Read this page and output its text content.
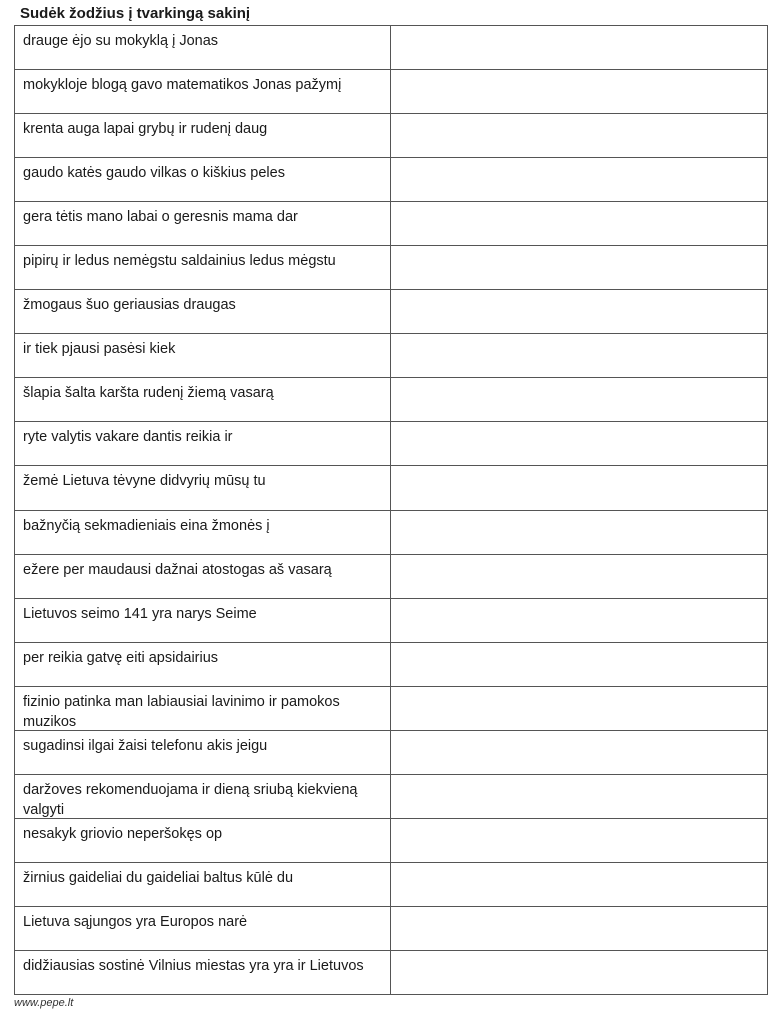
Sudėk žodžius į tvarkingą sakinį
drauge ėjo su mokyklą į Jonas
mokykloje blogą gavo matematikos Jonas pažymį
krenta auga lapai grybų ir rudenį daug
gaudo katės gaudo vilkas o kiškius peles
gera tėtis mano labai o geresnis mama dar
pipirų ir ledus nemėgstu saldainius ledus mėgstu
žmogaus šuo geriausias draugas
ir tiek pjausi pasėsi kiek
šlapia šalta karšta rudenį žiemą vasarą
ryte valytis vakare dantis reikia ir
žemė Lietuva tėvyne didvyrių mūsų tu
bažnyčią sekmadieniais eina žmonės į
ežere per maudausi dažnai atostogas aš vasarą
Lietuvos seimo 141 yra narys Seime
per reikia gatvę eiti apsidairius
fizinio patinka man labiausiai lavinimo ir pamokos muzikos
sugadinsi ilgai žaisi telefonu akis jeigu
daržoves rekomenduojama ir dieną sriubą kiekvieną valgyti
nesakyk griovio neperšokęs op
žirnius gaideliai du gaideliai baltus kūlė du
Lietuva sąjungos yra Europos narė
didžiausias sostinė Vilnius miestas yra yra ir Lietuvos
www.pepe.lt
